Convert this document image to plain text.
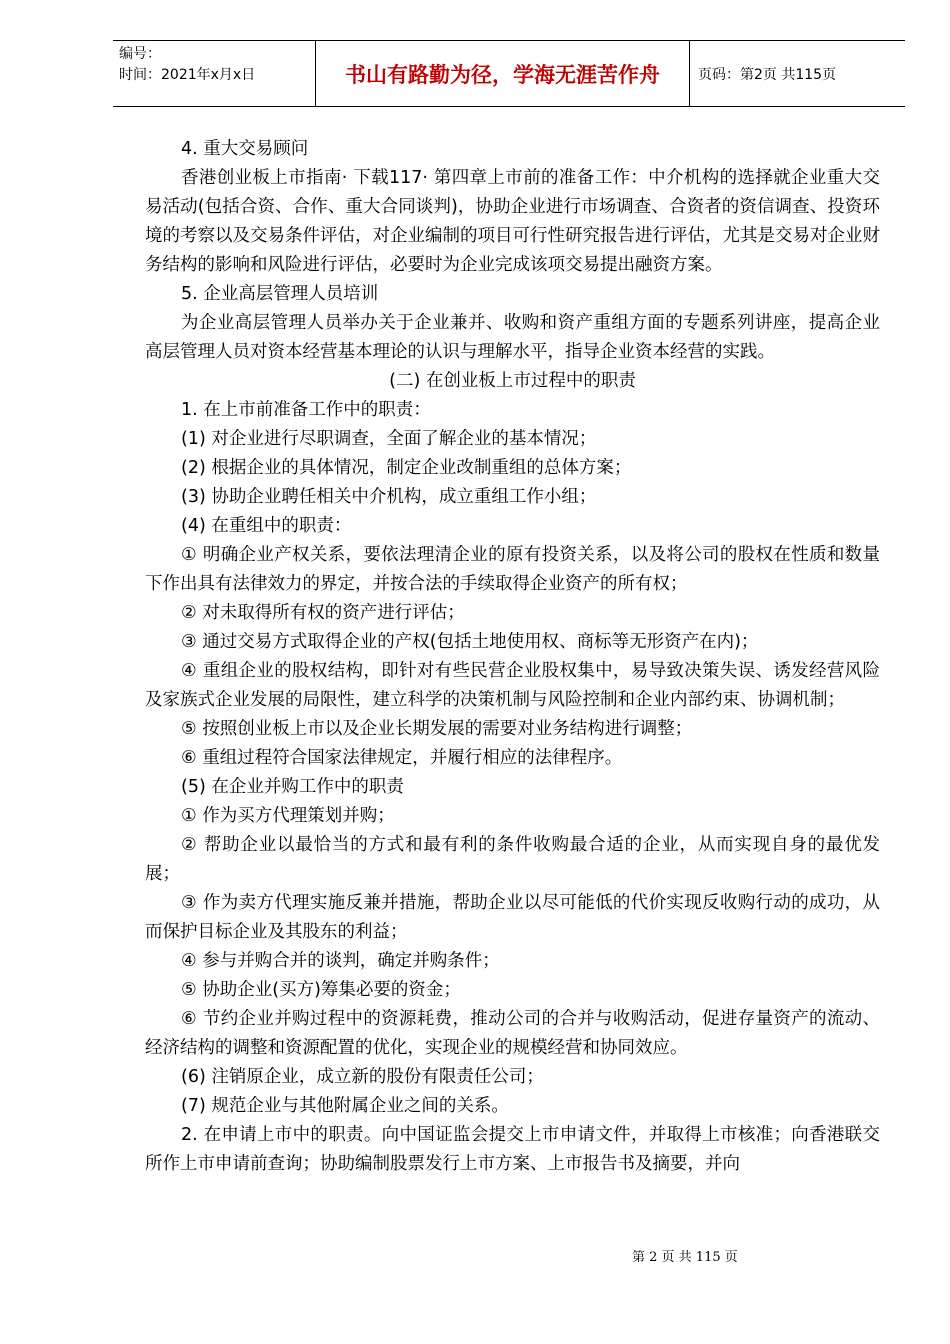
编号：
时间：2021年x月x日	书山有路勤为径，学海无涯苦作舟	页码：第2页 共115页

4. 重大交易顾问

香港创业板上市指南· 下载117· 第四章上市前的准备工作：中介机构的选择就企业重大交易活动(包括合资、合作、重大合同谈判)，协助企业进行市场调查、合资者的资信调查、投资环境的考察以及交易条件评估，对企业编制的项目可行性研究报告进行评估，尤其是交易对企业财务结构的影响和风险进行评估，必要时为企业完成该项交易提出融资方案。

5. 企业高层管理人员培训

为企业高层管理人员举办关于企业兼并、收购和资产重组方面的专题系列讲座，提高企业高层管理人员对资本经营基本理论的认识与理解水平，指导企业资本经营的实践。

(二) 在创业板上市过程中的职责

1. 在上市前准备工作中的职责：

(1) 对企业进行尽职调查，全面了解企业的基本情况；

(2) 根据企业的具体情况，制定企业改制重组的总体方案；

(3) 协助企业聘任相关中介机构，成立重组工作小组；

(4) 在重组中的职责：

① 明确企业产权关系，要依法理清企业的原有投资关系，以及将公司的股权在性质和数量下作出具有法律效力的界定，并按合法的手续取得企业资产的所有权；

② 对未取得所有权的资产进行评估；

③ 通过交易方式取得企业的产权(包括土地使用权、商标等无形资产在内)；

④ 重组企业的股权结构，即针对有些民营企业股权集中，易导致决策失误、诱发经营风险及家族式企业发展的局限性，建立科学的决策机制与风险控制和企业内部约束、协调机制；

⑤ 按照创业板上市以及企业长期发展的需要对业务结构进行调整；

⑥ 重组过程符合国家法律规定，并履行相应的法律程序。

(5) 在企业并购工作中的职责

① 作为买方代理策划并购；

② 帮助企业以最恰当的方式和最有利的条件收购最合适的企业，从而实现自身的最优发展；

③ 作为卖方代理实施反兼并措施，帮助企业以尽可能低的代价实现反收购行动的成功，从而保护目标企业及其股东的利益；

④ 参与并购合并的谈判，确定并购条件；

⑤ 协助企业(买方)筹集必要的资金；

⑥ 节约企业并购过程中的资源耗费，推动公司的合并与收购活动，促进存量资产的流动、经济结构的调整和资源配置的优化，实现企业的规模经营和协同效应。

(6) 注销原企业，成立新的股份有限责任公司；

(7) 规范企业与其他附属企业之间的关系。

2. 在申请上市中的职责。向中国证监会提交上市申请文件，并取得上市核准；向香港联交所作上市申请前查询；协助编制股票发行上市方案、上市报告书及摘要，并向

第 2 页 共 115 页
